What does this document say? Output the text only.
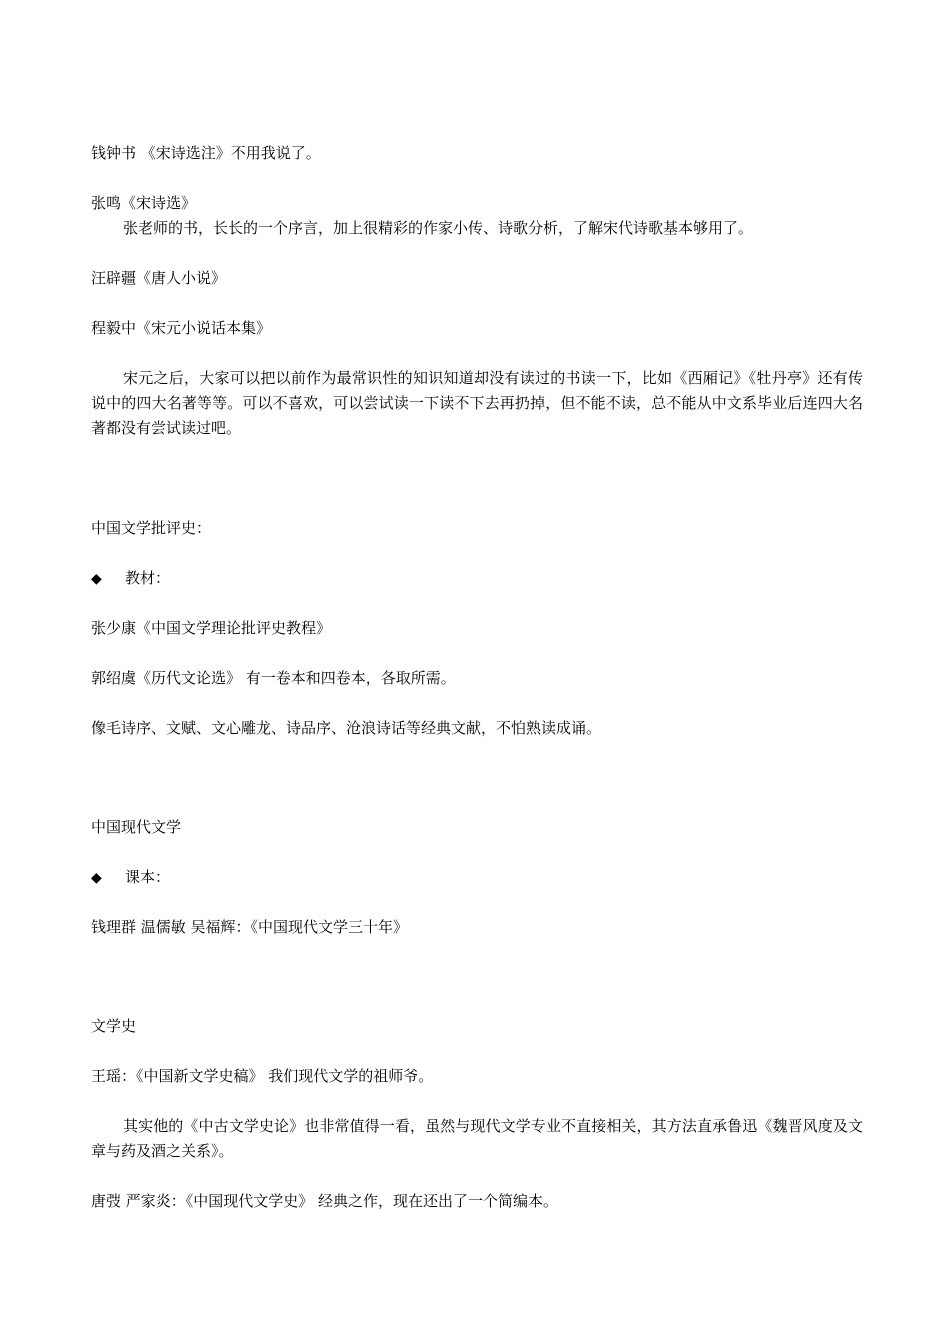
钱钟书 《宋诗选注》不用我说了。
张鸣《宋诗选》
张老师的书，长长的一个序言，加上很精彩的作家小传、诗歌分析，了解宋代诗歌基本够用了。
汪辟疆《唐人小说》
程毅中《宋元小说话本集》
宋元之后，大家可以把以前作为最常识性的知识知道却没有读过的书读一下，比如《西厢记》《牡丹亭》还有传说中的四大名著等等。可以不喜欢，可以尝试读一下读不下去再扔掉，但不能不读，总不能从中文系毕业后连四大名著都没有尝试读过吧。
中国文学批评史：
◆ 教材：
张少康《中国文学理论批评史教程》
郭绍虞《历代文论选》 有一卷本和四卷本，各取所需。
像毛诗序、文赋、文心雕龙、诗品序、沧浪诗话等经典文献，不怕熟读成诵。
中国现代文学
◆ 课本：
钱理群 温儒敏 吴福辉：《中国现代文学三十年》
文学史
王瑶：《中国新文学史稿》 我们现代文学的祖师爷。
其实他的《中古文学史论》也非常值得一看，虽然与现代文学专业不直接相关，其方法直承鲁迅《魏晋风度及文章与药及酒之关系》。
唐弢 严家炎：《中国现代文学史》 经典之作，现在还出了一个简编本。
